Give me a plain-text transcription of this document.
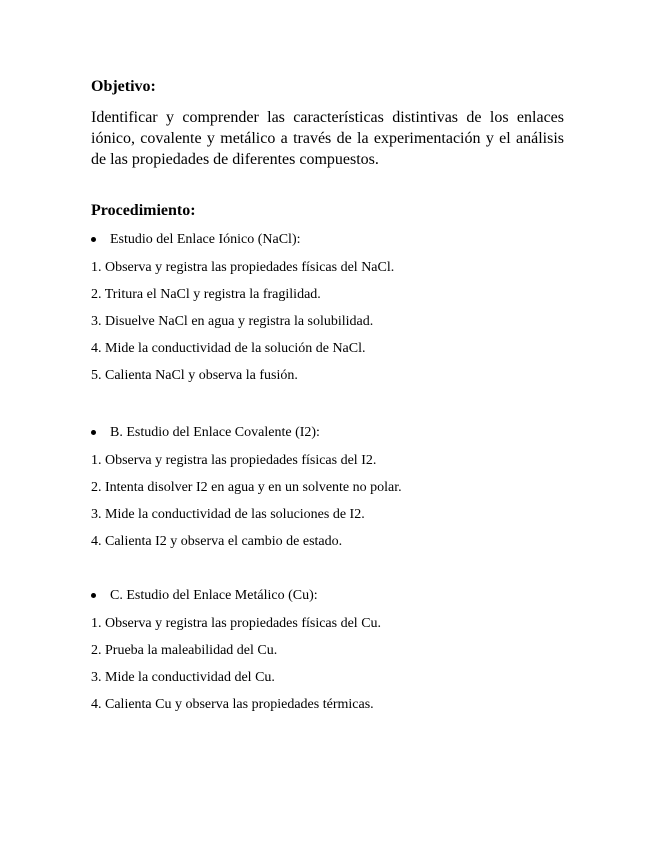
Objetivo:
Identificar y comprender las características distintivas de los enlaces iónico, covalente y metálico a través de la experimentación y el análisis de las propiedades de diferentes compuestos.
Procedimiento:
Estudio del Enlace Iónico (NaCl):
1. Observa y registra las propiedades físicas del NaCl.
2. Tritura el NaCl y registra la fragilidad.
3. Disuelve NaCl en agua y registra la solubilidad.
4. Mide la conductividad de la solución de NaCl.
5. Calienta NaCl y observa la fusión.
B. Estudio del Enlace Covalente (I2):
1. Observa y registra las propiedades físicas del I2.
2. Intenta disolver I2 en agua y en un solvente no polar.
3. Mide la conductividad de las soluciones de I2.
4. Calienta I2 y observa el cambio de estado.
C. Estudio del Enlace Metálico (Cu):
1. Observa y registra las propiedades físicas del Cu.
2. Prueba la maleabilidad del Cu.
3. Mide la conductividad del Cu.
4. Calienta Cu y observa las propiedades térmicas.
